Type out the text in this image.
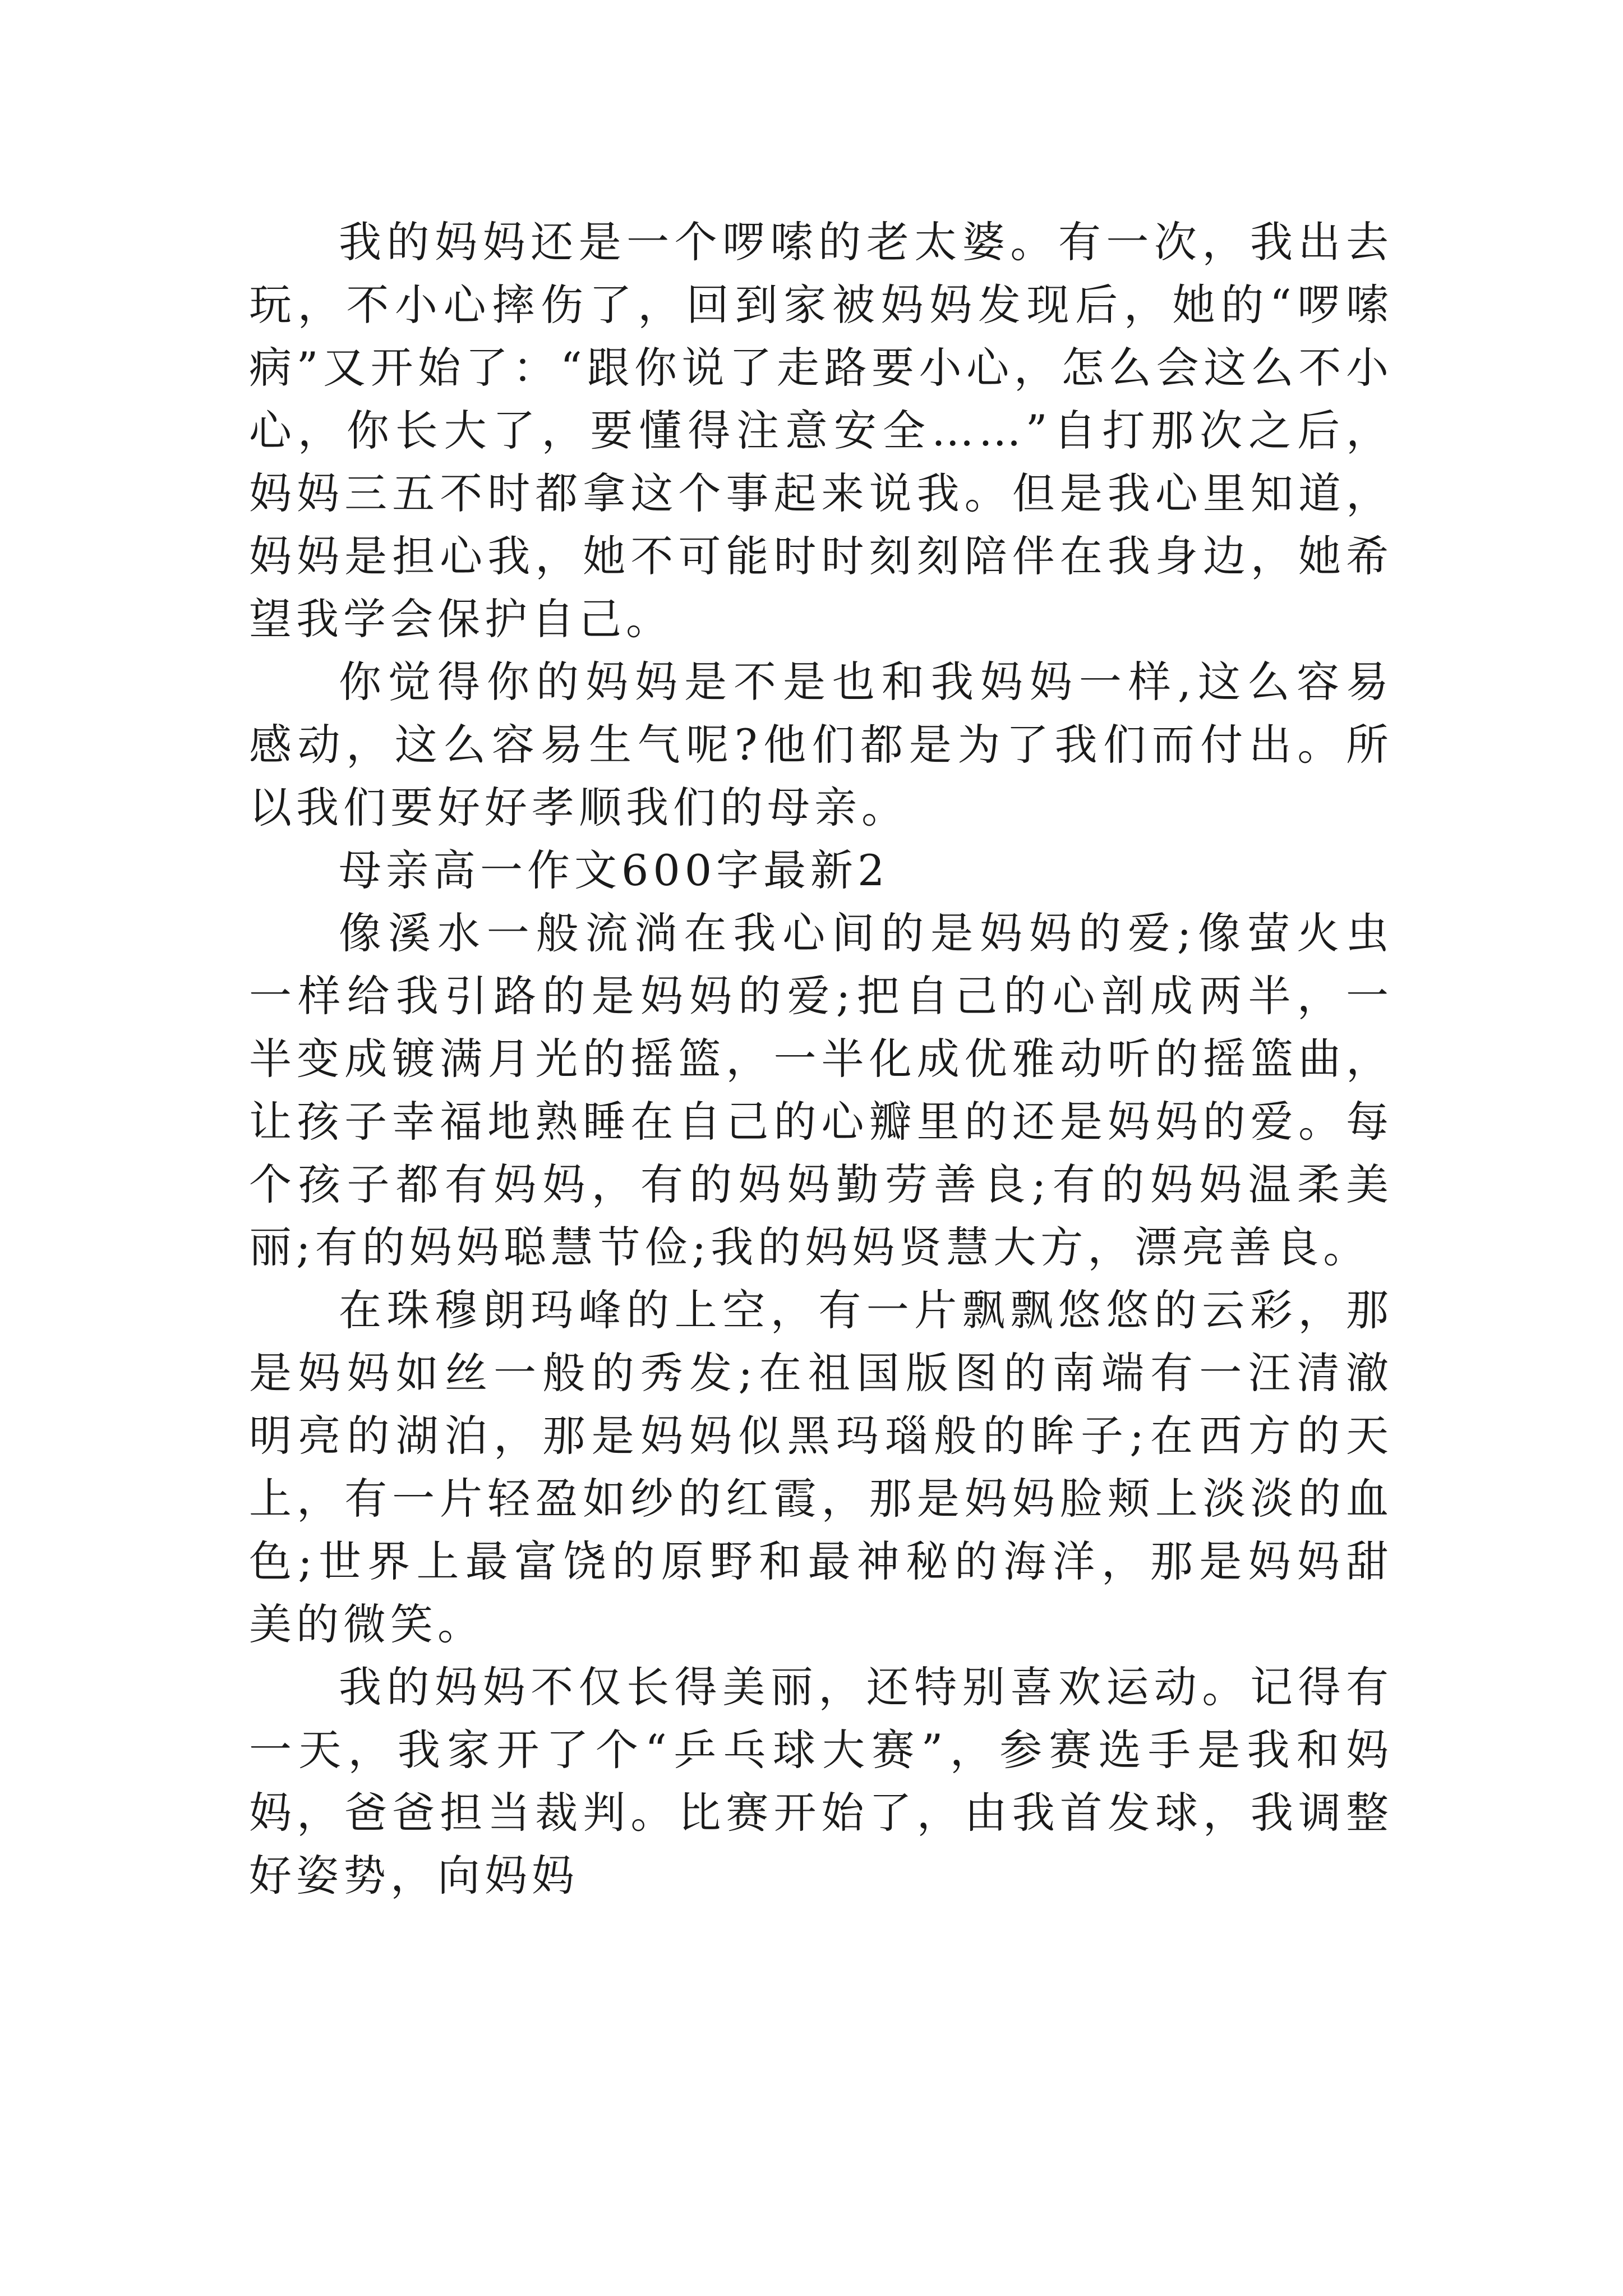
我的妈妈还是一个啰嗦的老太婆。有一次，我出去玩，不小心摔伤了，回到家被妈妈发现后，她的“啰嗦病”又开始了：“跟你说了走路要小心，怎么会这么不小心，你长大了，要懂得注意安全……”自打那次之后，妈妈三五不时都拿这个事起来说我。但是我心里知道，妈妈是担心我，她不可能时时刻刻陪伴在我身边，她希望我学会保护自己。

你觉得你的妈妈是不是也和我妈妈一样,这么容易感动，这么容易生气呢?他们都是为了我们而付出。所以我们要好好孝顺我们的母亲。

母亲高一作文600字最新2

像溪水一般流淌在我心间的是妈妈的爱;像萤火虫一样给我引路的是妈妈的爱;把自己的心剖成两半，一半变成镀满月光的摇篮，一半化成优雅动听的摇篮曲，让孩子幸福地熟睡在自己的心瓣里的还是妈妈的爱。每个孩子都有妈妈，有的妈妈勤劳善良;有的妈妈温柔美丽;有的妈妈聪慧节俭;我的妈妈贤慧大方，漂亮善良。

在珠穆朗玛峰的上空，有一片飘飘悠悠的云彩，那是妈妈如丝一般的秀发;在祖国版图的南端有一汪清澈明亮的湖泊，那是妈妈似黑玛瑙般的眸子;在西方的天上，有一片轻盈如纱的红霞，那是妈妈脸颊上淡淡的血色;世界上最富饶的原野和最神秘的海洋，那是妈妈甜美的微笑。

我的妈妈不仅长得美丽，还特别喜欢运动。记得有一天，我家开了个“乒乓球大赛”，参赛选手是我和妈妈，爸爸担当裁判。比赛开始了，由我首发球，我调整好姿势，向妈妈
